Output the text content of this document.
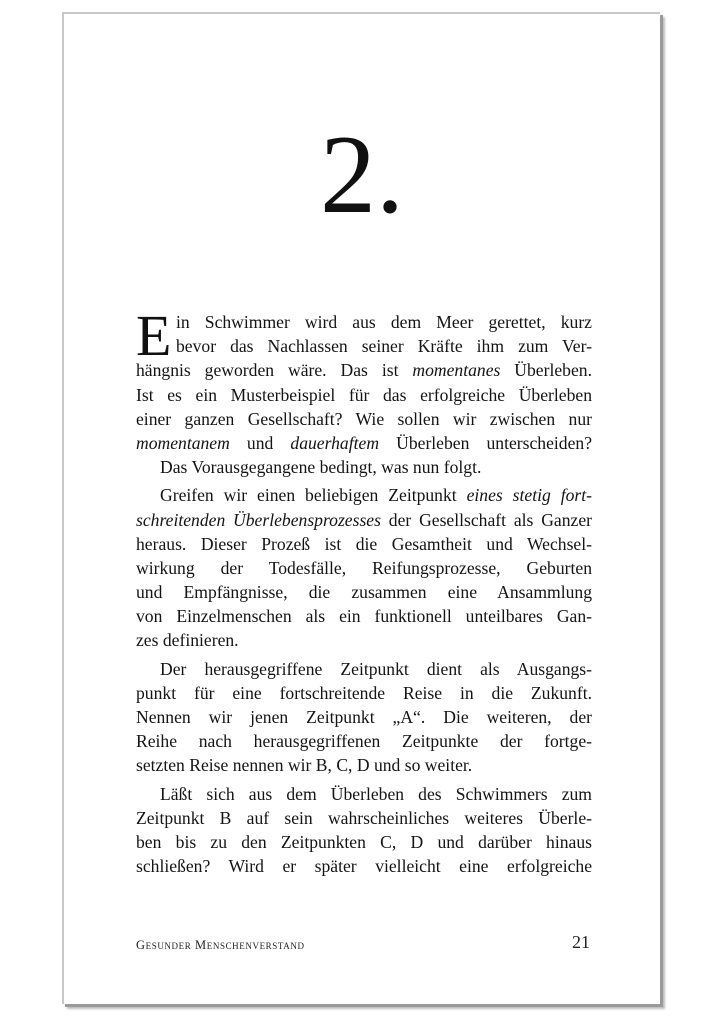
2.
E in Schwimmer wird aus dem Meer gerettet, kurz
bevor das Nachlassen seiner Kräfte ihm zum Ver-
hängnis geworden wäre. Das ist momentanes Überleben.
Ist es ein Musterbeispiel für das erfolgreiche Überleben
einer ganzen Gesellschaft? Wie sollen wir zwischen nur
momentanem und dauerhaftem Überleben unterscheiden?
Das Vorausgegangene bedingt, was nun folgt.
Greifen wir einen beliebigen Zeitpunkt eines stetig fort-
schreitenden Überlebensprozesses der Gesellschaft als Ganzer
heraus. Dieser Prozeß ist die Gesamtheit und Wechsel-
wirkung der Todesfälle, Reifungsprozesse, Geburten
und Empfängnisse, die zusammen eine Ansammlung
von Einzelmenschen als ein funktionell unteilbares Gan-
zes definieren.
Der herausgegriffene Zeitpunkt dient als Ausgangs-
punkt für eine fortschreitende Reise in die Zukunft.
Nennen wir jenen Zeitpunkt „A“. Die weiteren, der
Reihe nach herausgegriffenen Zeitpunkte der fortge-
setzten Reise nennen wir B, C, D und so weiter.
Läßt sich aus dem Überleben des Schwimmers zum
Zeitpunkt B auf sein wahrscheinliches weiteres Überle-
ben bis zu den Zeitpunkten C, D und darüber hinaus
schließen? Wird er später vielleicht eine erfolgreiche
Gesunder Menschenverstand	21
